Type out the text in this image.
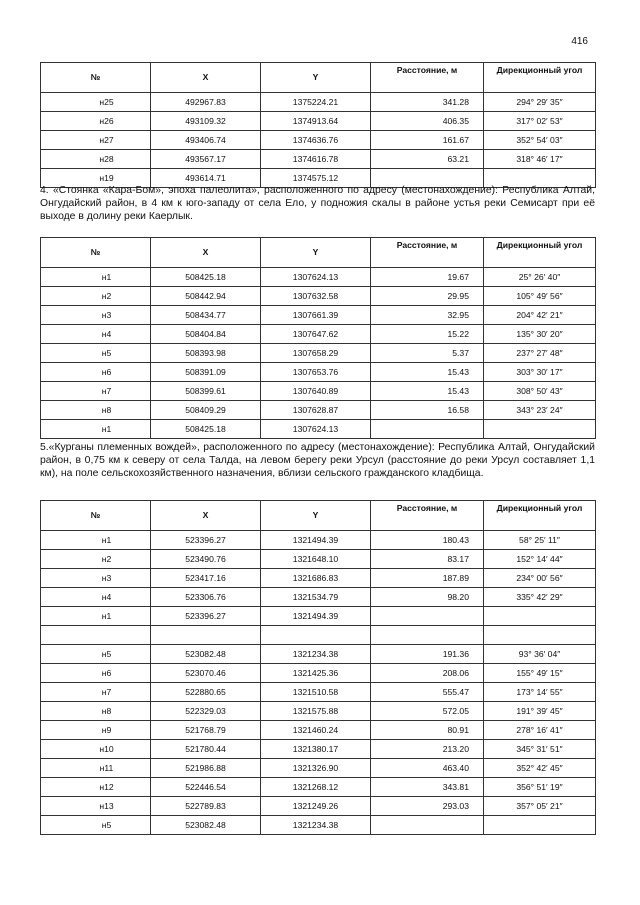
416
№	X	Y	Расстояние, м	Дирекционный угол
н25	492967.83	1375224.21	341.28	294° 29′ 35″
н26	493109.32	1374913.64	406.35	317° 02′ 53″
н27	493406.74	1374636.76	161.67	352° 54′ 03″
н28	493567.17	1374616.78	63.21	318° 46′ 17″
н19	493614.71	1374575.12		
4. «Стоянка «Кара-Бом», эпоха палеолита», расположенного по адресу (местонахождение): Республика Алтай, Онгудайский район, в 4 км к юго-западу от села Ело, у подножия скалы в районе устья реки Семисарт при её выходе в долину реки Каерлык.
№	X	Y	Расстояние, м	Дирекционный угол
н1	508425.18	1307624.13	19.67	25° 26′ 40″
н2	508442.94	1307632.58	29.95	105° 49′ 56″
н3	508434.77	1307661.39	32.95	204° 42′ 21″
н4	508404.84	1307647.62	15.22	135° 30′ 20″
н5	508393.98	1307658.29	5.37	237° 27′ 48″
н6	508391.09	1307653.76	15.43	303° 30′ 17″
н7	508399.61	1307640.89	15.43	308° 50′ 43″
н8	508409.29	1307628.87	16.58	343° 23′ 24″
н1	508425.18	1307624.13		
5.«Курганы племенных вождей», расположенного по адресу (местонахождение): Республика Алтай, Онгудайский район, в 0,75 км к северу от села Талда, на левом берегу реки Урсул (расстояние до реки Урсул составляет 1,1 км), на поле сельскохозяйственного назначения, вблизи сельского гражданского кладбища.
№	X	Y	Расстояние, м	Дирекционный угол
н1	523396.27	1321494.39	180.43	58° 25′ 11″
н2	523490.76	1321648.10	83.17	152° 14′ 44″
н3	523417.16	1321686.83	187.89	234° 00′ 56″
н4	523306.76	1321534.79	98.20	335° 42′ 29″
н1	523396.27	1321494.39		

н5	523082.48	1321234.38	191.36	93° 36′ 04″
н6	523070.46	1321425.36	208.06	155° 49′ 15″
н7	522880.65	1321510.58	555.47	173° 14′ 55″
н8	522329.03	1321575.88	572.05	191° 39′ 45″
н9	521768.79	1321460.24	80.91	278° 16′ 41″
н10	521780.44	1321380.17	213.20	345° 31′ 51″
н11	521986.88	1321326.90	463.40	352° 42′ 45″
н12	522446.54	1321268.12	343.81	356° 51′ 19″
н13	522789.83	1321249.26	293.03	357° 05′ 21″
н5	523082.48	1321234.38		
